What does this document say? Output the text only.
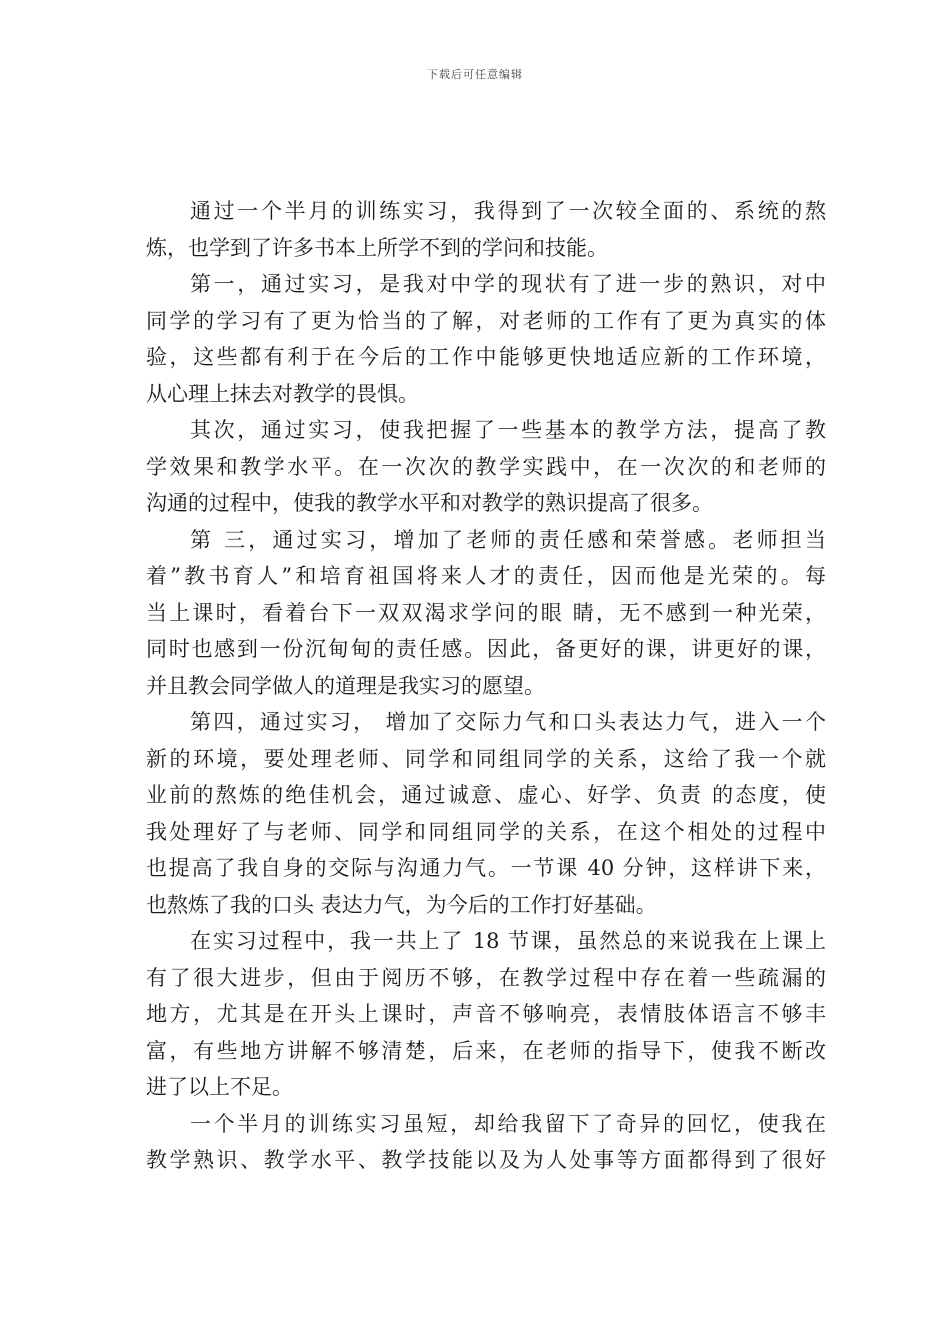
下载后可任意编辑
通过一个半月的训练实习，我得到了一次较全面的、系统的熬
炼，也学到了许多书本上所学不到的学问和技能。
第一，通过实习，是我对中学的现状有了进一步的熟识，对中
同学的学习有了更为恰当的了解，对老师的工作有了更为真实的体
验，这些都有利于在今后的工作中能够更快地适应新的工作环境，
从心理上抹去对教学的畏惧。
其次，通过实习，使我把握了一些基本的教学方法，提高了教
学效果和教学水平。在一次次的教学实践中，在一次次的和老师的
沟通的过程中，使我的教学水平和对教学的熟识提高了很多。
第 三，通过实习，增加了老师的责任感和荣誉感。老师担当
着”教书育人”和培育祖国将来人才的责任，因而他是光荣的。每
当上课时，看着台下一双双渴求学问的眼 睛，无不感到一种光荣，
同时也感到一份沉甸甸的责任感。因此，备更好的课，讲更好的课，
并且教会同学做人的道理是我实习的愿望。
第四，通过实习， 增加了交际力气和口头表达力气，进入一个
新的环境，要处理老师、同学和同组同学的关系，这给了我一个就
业前的熬炼的绝佳机会，通过诚意、虚心、好学、负责 的态度，使
我处理好了与老师、同学和同组同学的关系，在这个相处的过程中
也提高了我自身的交际与沟通力气。一节课 40 分钟，这样讲下来，
也熬炼了我的口头 表达力气，为今后的工作打好基础。
在实习过程中，我一共上了 18 节课，虽然总的来说我在上课上
有了很大进步，但由于阅历不够，在教学过程中存在着一些疏漏的
地方，尤其是在开头上课时，声音不够响亮，表情肢体语言不够丰
富，有些地方讲解不够清楚，后来，在老师的指导下，使我不断改
进了以上不足。
一个半月的训练实习虽短，却给我留下了奇异的回忆，使我在
教学熟识、教学水平、教学技能以及为人处事等方面都得到了很好
